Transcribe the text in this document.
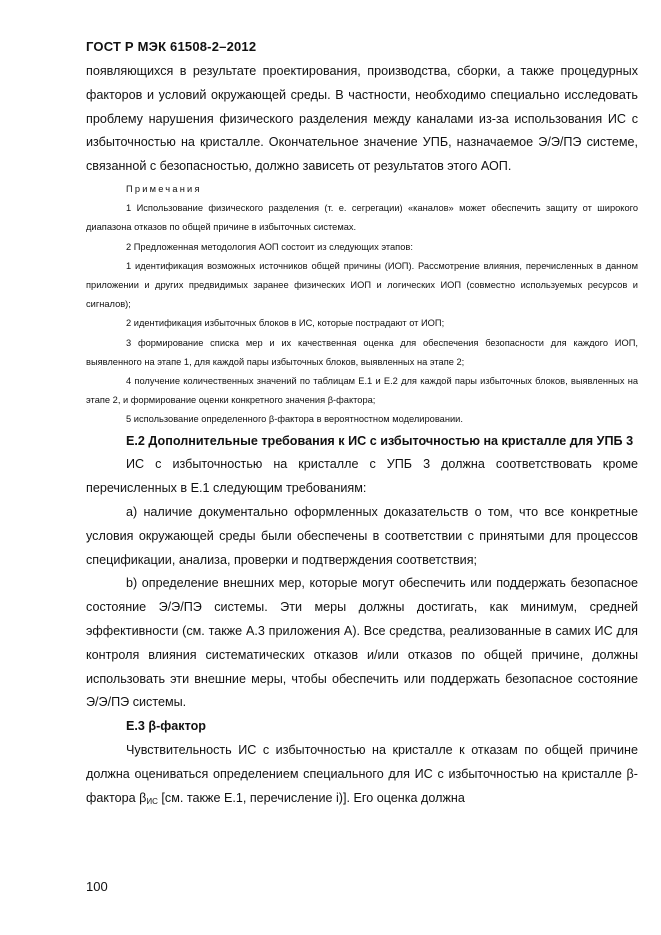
ГОСТ Р МЭК 61508-2–2012

появляющихся в результате проектирования, производства, сборки, а также процедурных факторов и условий окружающей среды. В частности, необходимо специально исследовать проблему нарушения физического разделения между каналами из-за использования ИС с избыточностью на кристалле. Окончательное значение УПБ, назначаемое Э/Э/ПЭ системе, связанной с безопасностью, должно зависеть от результатов этого АОП.

Примечания

1 Использование физического разделения (т. е. сегрегации) «каналов» может обеспечить защиту от широкого диапазона отказов по общей причине в избыточных системах.

2 Предложенная методология АОП состоит из следующих этапов:

1 идентификация возможных источников общей причины (ИОП). Рассмотрение влияния, перечисленных в данном приложении и других предвидимых заранее физических ИОП и логических ИОП (совместно используемых ресурсов и сигналов);

2 идентификация избыточных блоков в ИС, которые пострадают от ИОП;

3 формирование списка мер и их качественная оценка для обеспечения безопасности для каждого ИОП, выявленного на этапе 1, для каждой пары избыточных блоков, выявленных на этапе 2;

4 получение количественных значений по таблицам Е.1 и Е.2 для каждой пары избыточных блоков, выявленных на этапе 2, и формирование оценки конкретного значения β-фактора;

5 использование определенного β-фактора в вероятностном моделировании.

Е.2 Дополнительные требования к ИС с избыточностью на кристалле для УПБ 3

ИС с избыточностью на кристалле с УПБ 3 должна соответствовать кроме перечисленных в Е.1 следующим требованиям:

а) наличие документально оформленных доказательств о том, что все конкретные условия окружающей среды были обеспечены в соответствии с принятыми для процессов спецификации, анализа, проверки и подтверждения соответствия;

b) определение внешних мер, которые могут обеспечить или поддержать безопасное состояние Э/Э/ПЭ системы. Эти меры должны достигать, как минимум, средней эффективности (см. также А.3 приложения А). Все средства, реализованные в самих ИС для контроля влияния систематических отказов и/или отказов по общей причине, должны использовать эти внешние меры, чтобы обеспечить или поддержать безопасное состояние Э/Э/ПЭ системы.

Е.3 β-фактор

Чувствительность ИС с избыточностью на кристалле к отказам по общей причине должна оцениваться определением специального для ИС с избыточностью на кристалле β-фактора $\beta_{ИС}$ [см. также Е.1, перечисление i)]. Его оценка должна

100
